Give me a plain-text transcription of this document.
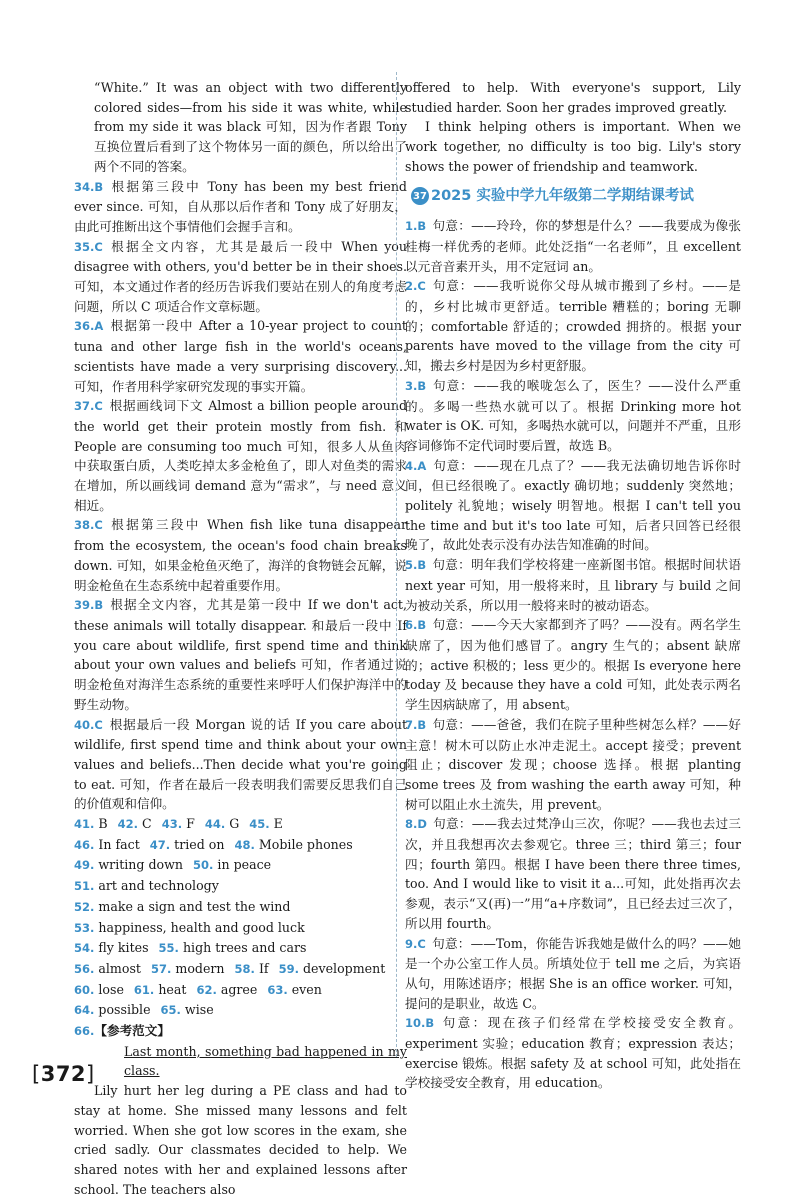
“White.” It was an object with two differently colored sides—from his side it was white, while from my side it was black 可知，因为作者跟 Tony 互换位置后看到了这个物体另一面的颜色，所以给出了两个不同的答案。
34.B 根据第三段中 Tony has been my best friend ever since. 可知，自从那以后作者和 Tony 成了好朋友，由此可推断出这个事情他们会握手言和。
35.C 根据全文内容，尤其是最后一段中 When you disagree with others, you'd better be in their shoes. 可知，本文通过作者的经历告诉我们要站在别人的角度考虑问题，所以 C 项适合作文章标题。
36.A 根据第一段中 After a 10-year project to count tuna and other large fish in the world's oceans, scientists have made a very surprising discovery...可知，作者用科学家研究发现的事实开篇。
37.C 根据画线词下文 Almost a billion people around the world get their protein mostly from fish. 和 People are consuming too much 可知，很多人从鱼肉中获取蛋白质，人类吃掉太多金枪鱼了，即人对鱼类的需求在增加，所以画线词 demand 意为“需求”，与 need 意义相近。
38.C 根据第三段中 When fish like tuna disappear from the ecosystem, the ocean's food chain breaks down. 可知，如果金枪鱼灭绝了，海洋的食物链会瓦解，说明金枪鱼在生态系统中起着重要作用。
39.B 根据全文内容，尤其是第一段中 If we don't act, these animals will totally disappear. 和最后一段中 If you care about wildlife, first spend time and think about your own values and beliefs 可知，作者通过说明金枪鱼对海洋生态系统的重要性来呼吁人们保护海洋中的野生动物。
40.C 根据最后一段 Morgan 说的话 If you care about wildlife, first spend time and think about your own values and beliefs...Then decide what you're going to eat. 可知，作者在最后一段表明我们需要反思我们自己的价值观和信仰。
41. B 42. C 43. F 44. G 45. E
46. In fact 47. tried on 48. Mobile phones
49. writing down 50. in peace
51. art and technology
52. make a sign and test the wind
53. happiness, health and good luck
54. fly kites 55. high trees and cars
56. almost 57. modern 58. If 59. development
60. lose 61. heat 62. agree 63. even
64. possible 65. wise
66.【参考范文】
Last month, something bad happened in my class.
Lily hurt her leg during a PE class and had to stay at home. She missed many lessons and felt worried. When she got low scores in the exam, she cried sadly. Our classmates decided to help. We shared notes with her and explained lessons after school. The teachers also
offered to help. With everyone's support, Lily studied harder. Soon her grades improved greatly.
I think helping others is important. When we work together, no difficulty is too big. Lily's story shows the power of friendship and teamwork.
37 2025 实验中学九年级第二学期结课考试
1.B 句意：——玲玲，你的梦想是什么？——我要成为像张桂梅一样优秀的老师。此处泛指“一名老师”，且 excellent 以元音音素开头，用不定冠词 an。
2.C 句意：——我听说你父母从城市搬到了乡村。——是的，乡村比城市更舒适。terrible 糟糕的；boring 无聊的；comfortable 舒适的；crowded 拥挤的。根据 your parents have moved to the village from the city 可知，搬去乡村是因为乡村更舒服。
3.B 句意：——我的喉咙怎么了，医生？——没什么严重的。多喝一些热水就可以了。根据 Drinking more hot water is OK. 可知，多喝热水就可以，问题并不严重，且形容词修饰不定代词时要后置，故选 B。
4.A 句意：——现在几点了？——我无法确切地告诉你时间，但已经很晚了。exactly 确切地；suddenly 突然地；politely 礼貌地；wisely 明智地。根据 I can't tell you the time and but it's too late 可知，后者只回答已经很晚了，故此处表示没有办法告知准确的时间。
5.B 句意：明年我们学校将建一座新图书馆。根据时间状语 next year 可知，用一般将来时，且 library 与 build 之间为被动关系，所以用一般将来时的被动语态。
6.B 句意：——今天大家都到齐了吗？——没有。两名学生缺席了，因为他们感冒了。angry 生气的；absent 缺席的；active 积极的；less 更少的。根据 Is everyone here today 及 because they have a cold 可知，此处表示两名学生因病缺席了，用 absent。
7.B 句意：——爸爸，我们在院子里种些树怎么样？——好主意！树木可以防止水冲走泥土。accept 接受；prevent 阻止；discover 发现；choose 选择。根据 planting some trees 及 from washing the earth away 可知，种树可以阻止水土流失，用 prevent。
8.D 句意：——我去过梵净山三次，你呢？——我也去过三次，并且我想再次去参观它。three 三；third 第三；four 四；fourth 第四。根据 I have been there three times, too. And I would like to visit it a...可知，此处指再次去参观，表示“又(再)一”用“a+序数词”，且已经去过三次了，所以用 fourth。
9.C 句意：——Tom，你能告诉我她是做什么的吗？——她是一个办公室工作人员。所填处位于 tell me 之后，为宾语从句，用陈述语序；根据 She is an office worker. 可知，提问的是职业，故选 C。
10.B 句意：现在孩子们经常在学校接受安全教育。experiment 实验；education 教育；expression 表达；exercise 锻炼。根据 safety 及 at school 可知，此处指在学校接受安全教育，用 education。
[372]
